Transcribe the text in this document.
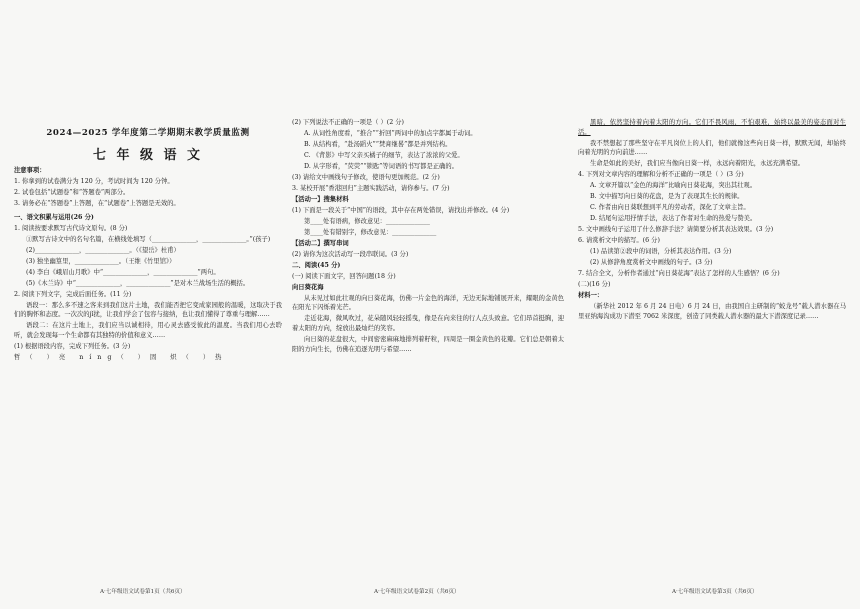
2024—2025 学年度第二学期期末教学质量监测
七 年 级 语 文

注意事项：

1. 你拿到的试卷满分为 120 分，考试时间为 120 分钟。

2. 试卷包括“试题卷”和“答题卷”两部分。

3. 请务必在“答题卷”上答题，在“试题卷”上答题是无效的。

一、语文积累与运用(26 分)

1. 阅读按要求默写古代诗文原句。(8 分)

①默写古诗文中的名句名篇，在横线处填写（______________，______________。”(孩子)

(2)______________，______________。（《望岳》杜甫）

(3) 独坐幽篁里，______________。（王维《竹里馆》）

(4) 李白《峨眉山月歌》中“______________，______________”两句。

(5)《木兰诗》中“______________，______________”是对木兰战场生活的概括。

2. 阅读下列文字，完成后面任务。(11 分)

语段一：那么多不速之客来到我们这片土地，我们能否把它变成家园般的温暖，这取决于我们的胸怀和态度。一次次的jǐ扰，让我们学会了包容与接纳，也让我们懂得了尊重与理解……

语段二：在这片土地上，我们应当以诚相待，用心灵去感受彼此的温度。当我们用心去聆听，就会发现每一个生命都有其独特的价值和意义……

(1) 根据语段内容，完成下列任务。(3 分)

哲（ ）亮 níng（ ）固 炽（ ）热

(2) 下列说法不正确的一项是（ ）(2 分)

A. 从词性角度看，“推合”“折回”两词中的加点字都属于动词。

B. 从结构看，“赴汤蹈火”“焚膏继晷”都是并列结构。

C. 《背影》中写父亲买橘子的细节，表达了浓浓的父爱。

D. 从字形看，“荧荧”“锁匙”等词语的书写都是正确的。

(3) 请给文中画线句子修改，使语句更加规范。(2 分)

3. 某校开展“香港回归”主题实践活动，请你参与。(7 分)

【活动一】搜集材料

(1) 下面是一段关于“中国”的语段，其中存在两处错误，请找出并修改。(4 分)

第____处有语病，修改意见：______________

第____处有错别字，修改意见：______________

【活动二】撰写串词

(2) 请你为这次活动写一段串联词。(3 分)

二、阅读(45 分)

(一) 阅读下面文字，回答问题(18 分)

向日葵花海

从未见过如此壮观的向日葵花海，仿佛一片金色的海洋，无边无际地铺展开来，耀眼的金黄色在阳光下闪烁着光芒。

走近花海，微风吹过，花朵随风轻轻摇曳，像是在向来往的行人点头致意。它们昂首挺胸，迎着太阳的方向，绽放出最灿烂的笑容。

向日葵的花盘很大，中间密密麻麻地排列着籽粒，四周是一圈金黄色的花瓣。它们总是朝着太阳的方向生长，仿佛在追逐光明与希望……

黑暗，依然坚持着向着太阳的方向。它们不畏风雨，不怕艰难，始终以最美的姿态面对生活。

我不禁想起了那些坚守在平凡岗位上的人们，他们就像这些向日葵一样，默默无闻，却始终向着光明的方向前进……

生命是如此的美好，我们应当像向日葵一样，永远向着阳光，永远充满希望。

4. 下列对文章内容的理解和分析不正确的一项是（ ）(3 分)

A. 文章开篇以“金色的海洋”比喻向日葵花海，突出其壮观。

B. 文中描写向日葵的花盘，是为了表现其生长的规律。

C. 作者由向日葵联想到平凡的劳动者，深化了文章主旨。

D. 结尾句运用抒情手法，表达了作者对生命的热爱与赞美。

5. 文中画线句子运用了什么修辞手法？请简要分析其表达效果。(3 分)

6. 请赏析文中的描写。(6 分)

(1) 品读第②段中的词语，分析其表达作用。(3 分)

(2) 从修辞角度赏析文中画线的句子。(3 分)

7. 结合全文，分析作者通过“向日葵花海”表达了怎样的人生感悟？(6 分)

(二)(16 分)

材料一：

（新华社 2012 年 6 月 24 日电）6 月 24 日，由我国自主研制的“蛟龙号”载人潜水器在马里亚纳海沟成功下潜至 7062 米深度，创造了同类载人潜水器的最大下潜深度记录……

A·七年级语文试卷第1页（共6页）	A·七年级语文试卷第2页（共6页）	A·七年级语文试卷第3页（共6页）
